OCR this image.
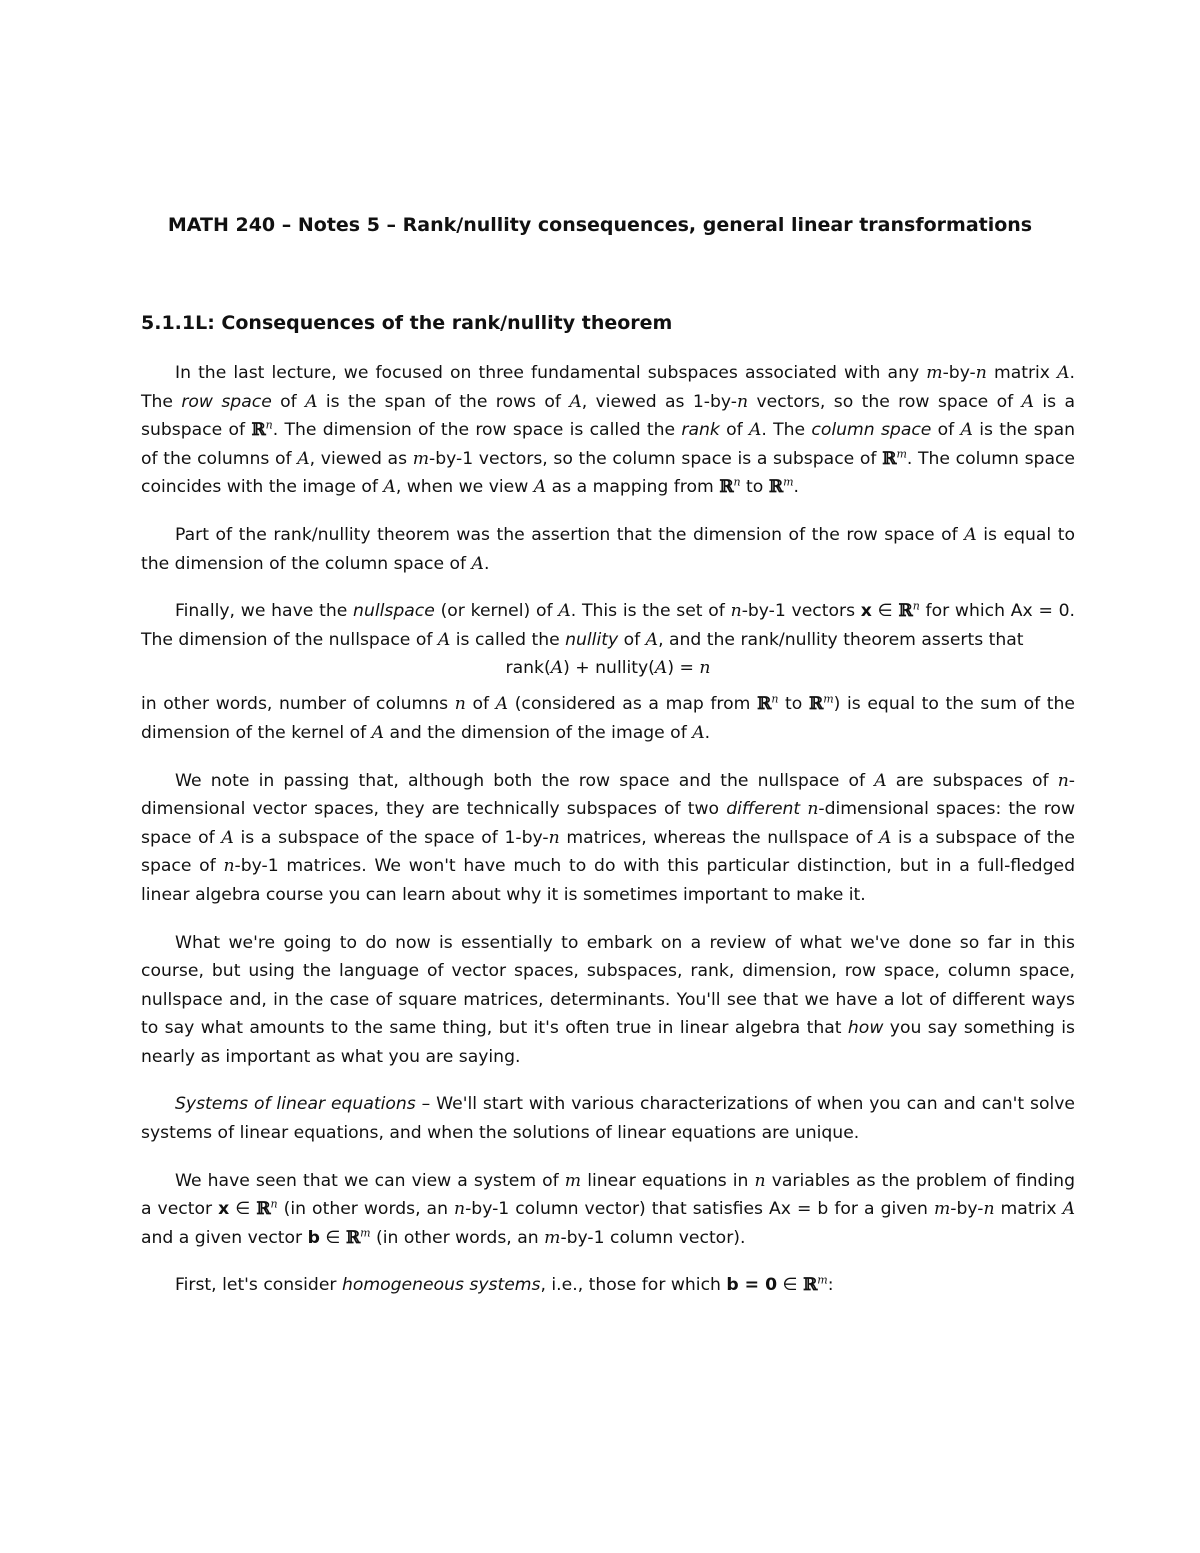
MATH 240 – Notes 5 – Rank/nullity consequences, general linear transformations
5.1.1L: Consequences of the rank/nullity theorem

In the last lecture, we focused on three fundamental subspaces associated with any m-by-n matrix A. The row space of A is the span of the rows of A, viewed as 1-by-n vectors, so the row space of A is a subspace of ℝ$^n$. The dimension of the row space is called the rank of A. The column space of A is the span of the columns of A, viewed as m-by-1 vectors, so the column space is a subspace of ℝ$^m$. The column space coincides with the image of A, when we view A as a mapping from ℝ$^n$ to ℝ$^m$.

Part of the rank/nullity theorem was the assertion that the dimension of the row space of A is equal to the dimension of the column space of A.

Finally, we have the nullspace (or kernel) of A. This is the set of n-by-1 vectors x ∈ ℝ$^n$ for which Ax = 0. The dimension of the nullspace of A is called the nullity of A, and the rank/nullity theorem asserts that

rank(A) + nullity(A) = n

in other words, number of columns n of A (considered as a map from ℝ$^n$ to ℝ$^m$) is equal to the sum of the dimension of the kernel of A and the dimension of the image of A.

We note in passing that, although both the row space and the nullspace of A are subspaces of n-dimensional vector spaces, they are technically subspaces of two different n-dimensional spaces: the row space of A is a subspace of the space of 1-by-n matrices, whereas the nullspace of A is a subspace of the space of n-by-1 matrices. We won't have much to do with this particular distinction, but in a full-fledged linear algebra course you can learn about why it is sometimes important to make it.

What we're going to do now is essentially to embark on a review of what we've done so far in this course, but using the language of vector spaces, subspaces, rank, dimension, row space, column space, nullspace and, in the case of square matrices, determinants. You'll see that we have a lot of different ways to say what amounts to the same thing, but it's often true in linear algebra that how you say something is nearly as important as what you are saying.

Systems of linear equations – We'll start with various characterizations of when you can and can't solve systems of linear equations, and when the solutions of linear equations are unique.

We have seen that we can view a system of m linear equations in n variables as the problem of finding a vector x ∈ ℝ$^n$ (in other words, an n-by-1 column vector) that satisfies Ax = b for a given m-by-n matrix A and a given vector b ∈ ℝ$^m$ (in other words, an m-by-1 column vector).

First, let's consider homogeneous systems, i.e., those for which b = 0 ∈ ℝ$^m$:
